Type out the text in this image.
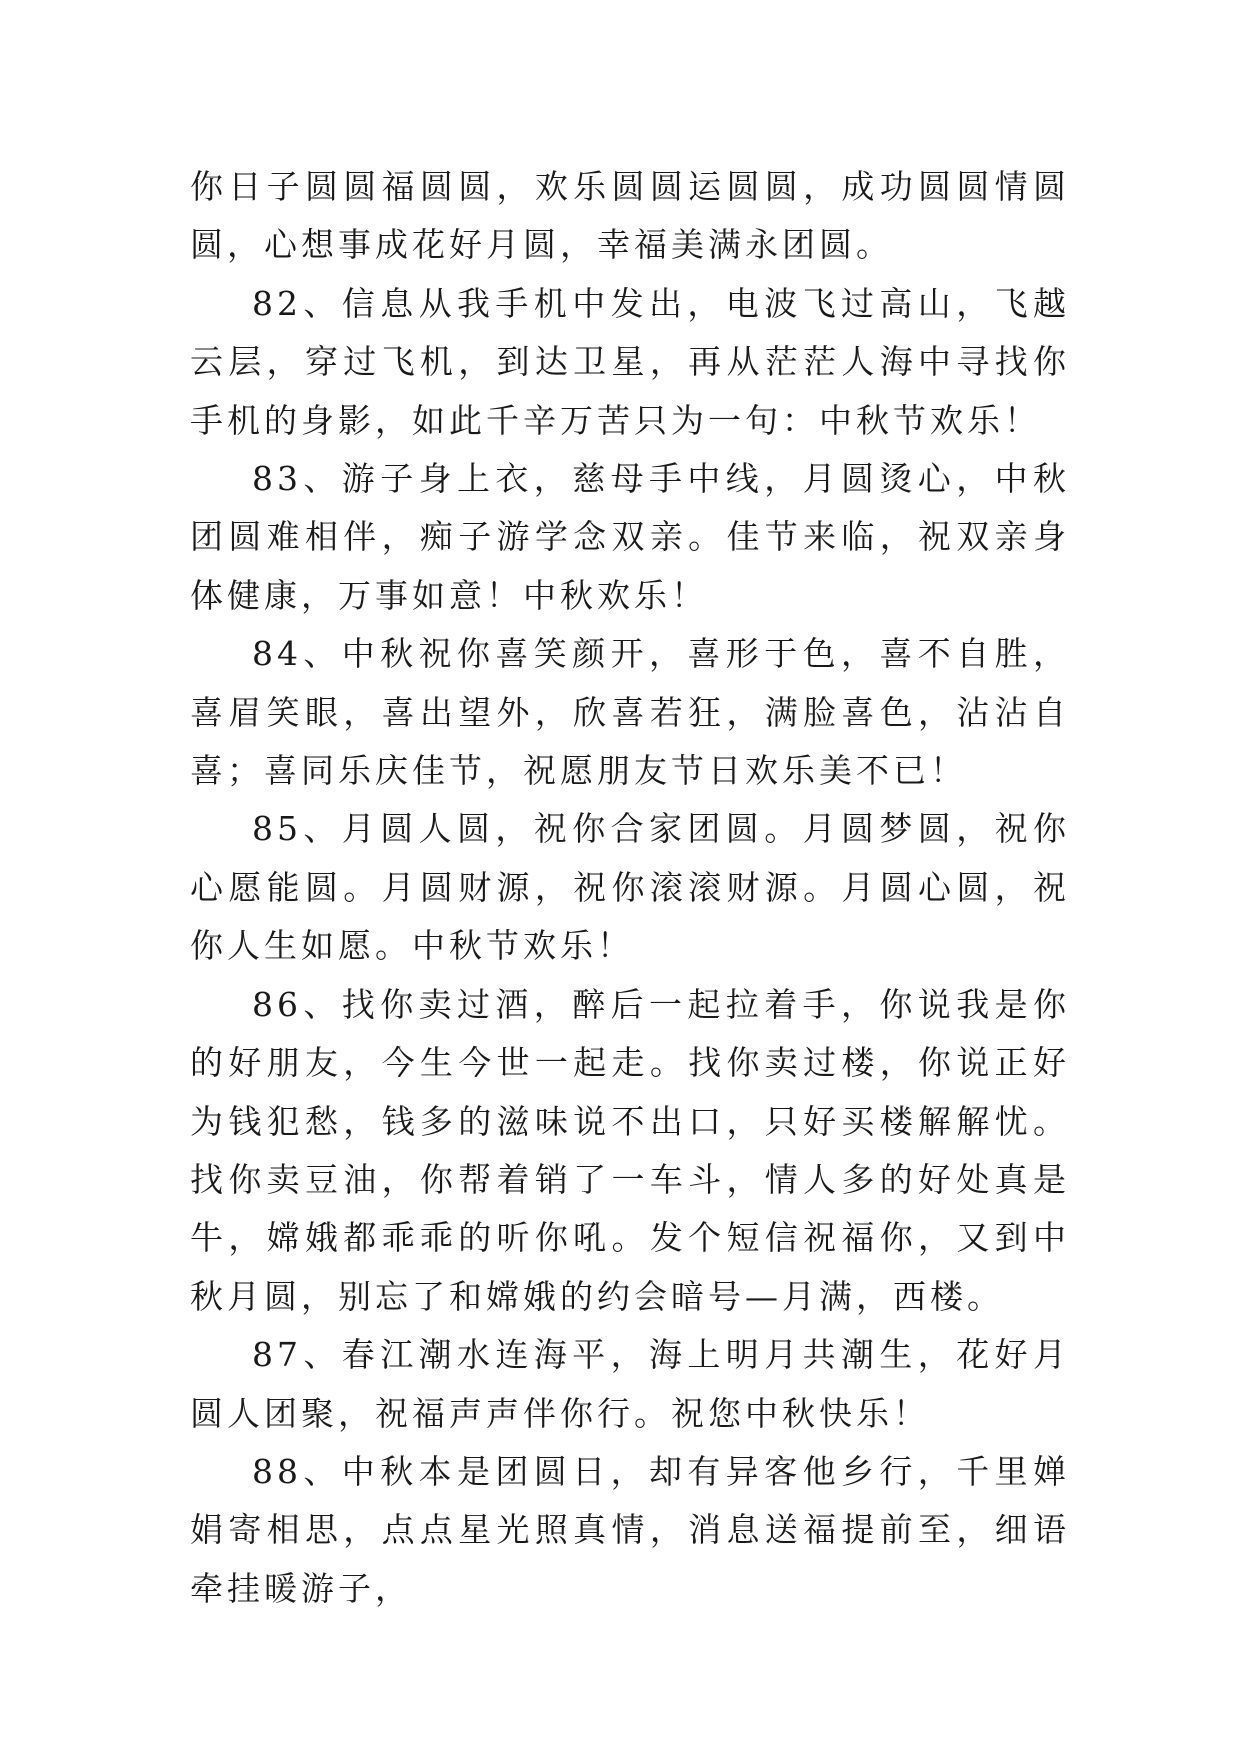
你日子圆圆福圆圆，欢乐圆圆运圆圆，成功圆圆情圆圆，心想事成花好月圆，幸福美满永团圆。

82、信息从我手机中发出，电波飞过高山，飞越云层，穿过飞机，到达卫星，再从茫茫人海中寻找你手机的身影，如此千辛万苦只为一句：中秋节欢乐！

83、游子身上衣，慈母手中线，月圆烫心，中秋团圆难相伴，痴子游学念双亲。佳节来临，祝双亲身体健康，万事如意！中秋欢乐！

84、中秋祝你喜笑颜开，喜形于色，喜不自胜，喜眉笑眼，喜出望外，欣喜若狂，满脸喜色，沾沾自喜；喜同乐庆佳节，祝愿朋友节日欢乐美不已！

85、月圆人圆，祝你合家团圆。月圆梦圆，祝你心愿能圆。月圆财源，祝你滚滚财源。月圆心圆，祝你人生如愿。中秋节欢乐！

86、找你卖过酒，醉后一起拉着手，你说我是你的好朋友，今生今世一起走。找你卖过楼，你说正好为钱犯愁，钱多的滋味说不出口，只好买楼解解忧。找你卖豆油，你帮着销了一车斗，情人多的好处真是牛，嫦娥都乖乖的听你吼。发个短信祝福你，又到中秋月圆，别忘了和嫦娥的约会暗号—月满，西楼。

87、春江潮水连海平，海上明月共潮生，花好月圆人团聚，祝福声声伴你行。祝您中秋快乐！

88、中秋本是团圆日，却有异客他乡行，千里婵娟寄相思，点点星光照真情，消息送福提前至，细语牵挂暖游子，
